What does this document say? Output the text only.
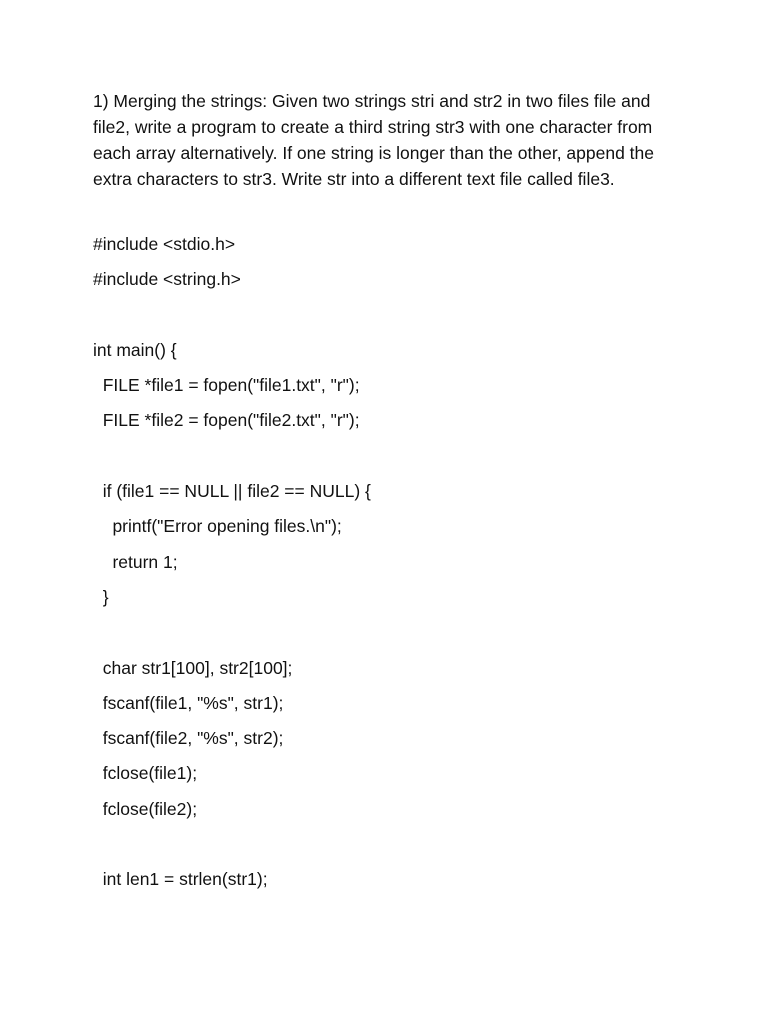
1) Merging the strings: Given two strings stri and str2 in two files file and file2, write a program to create a third string str3 with one character from each array alternatively. If one string is longer than the other, append the extra characters to str3. Write str into a different text file called file3.

#include <stdio.h>
#include <string.h>
int main() {
FILE *file1 = fopen("file1.txt", "r");
FILE *file2 = fopen("file2.txt", "r");
if (file1 == NULL || file2 == NULL) {
printf("Error opening files.\n");
return 1;
}
char str1[100], str2[100];
fscanf(file1, "%s", str1);
fscanf(file2, "%s", str2);
fclose(file1);
fclose(file2);
int len1 = strlen(str1);
